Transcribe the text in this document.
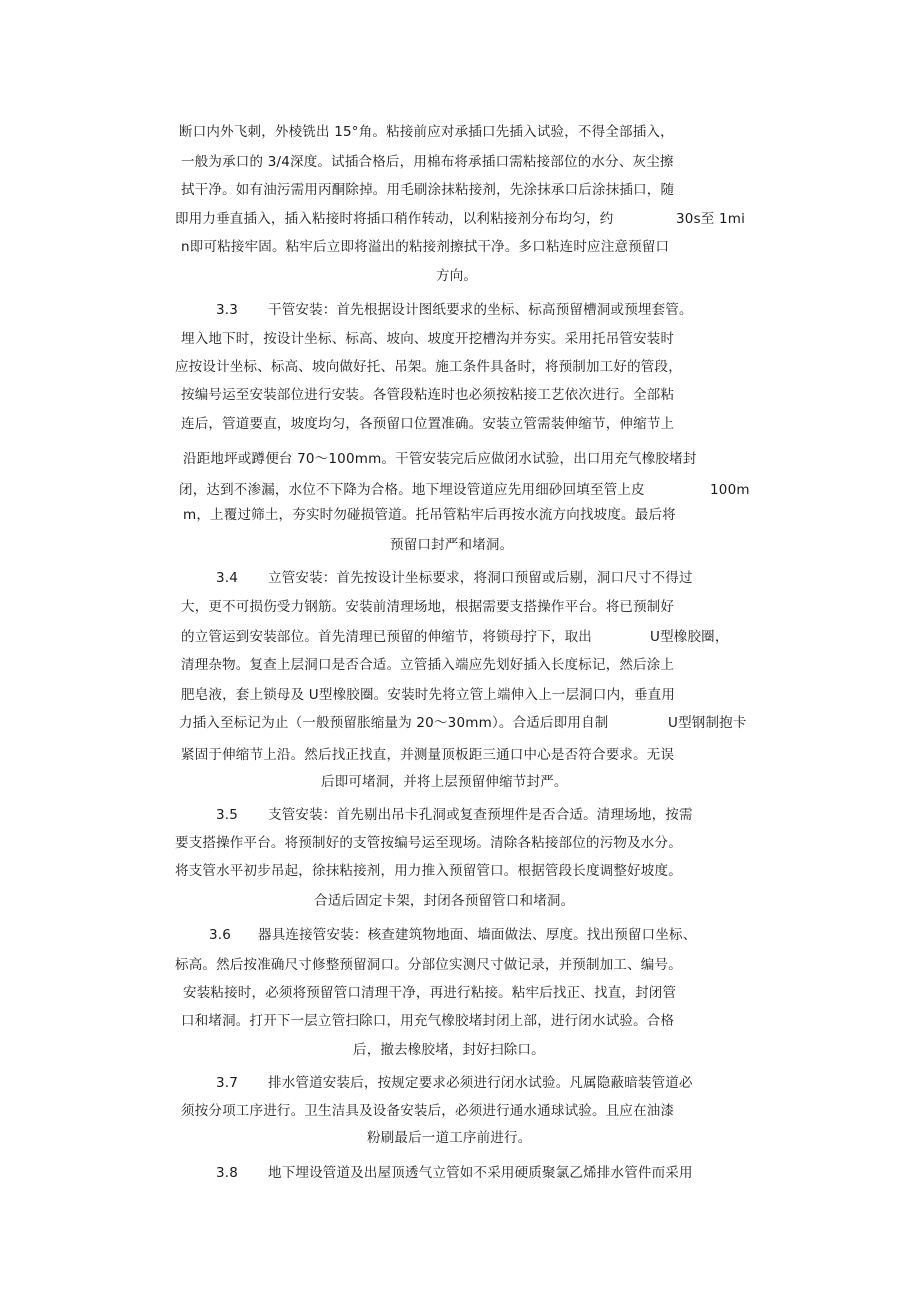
断口内外飞刺，外棱铣出 15°角。粘接前应对承插口先插入试验，不得全部插入，
一般为承口的 3/4深度。试插合格后，用棉布将承插口需粘接部位的水分、灰尘擦
拭干净。如有油污需用丙酮除掉。用毛刷涂抹粘接剂，先涂抹承口后涂抹插口，随
即用力垂直插入，插入粘接时将插口稍作转动，以利粘接剂分布均匀，约	30s至 1mi
n即可粘接牢固。粘牢后立即将溢出的粘接剂擦拭干净。多口粘连时应注意预留口
方向。
3.3 干管安装：首先根据设计图纸要求的坐标、标高预留槽洞或预埋套管。
埋入地下时，按设计坐标、标高、坡向、坡度开挖槽沟并夯实。采用托吊管安装时
应按设计坐标、标高、坡向做好托、吊架。施工条件具备时，将预制加工好的管段，
按编号运至安装部位进行安装。各管段粘连时也必须按粘接工艺依次进行。全部粘
连后，管道要直，坡度均匀，各预留口位置准确。安装立管需装伸缩节，伸缩节上
沿距地坪或蹲便台 70～100mm。干管安装完后应做闭水试验，出口用充气橡胶堵封
闭，达到不渗漏，水位不下降为合格。地下埋设管道应先用细砂回填至管上皮	100m
m，上覆过筛土，夯实时勿碰损管道。托吊管粘牢后再按水流方向找坡度。最后将
预留口封严和堵洞。
3.4 立管安装：首先按设计坐标要求，将洞口预留或后剔，洞口尺寸不得过
大，更不可损伤受力钢筋。安装前清理场地，根据需要支搭操作平台。将已预制好
的立管运到安装部位。首先清理已预留的伸缩节，将锁母拧下，取出	U型橡胶圈，
清理杂物。复查上层洞口是否合适。立管插入端应先划好插入长度标记，然后涂上
肥皂液，套上锁母及 U型橡胶圈。安装时先将立管上端伸入上一层洞口内，垂直用
力插入至标记为止（一般预留胀缩量为 20～30mm）。合适后即用自制	U型钢制抱卡
紧固于伸缩节上沿。然后找正找直，并测量顶板距三通口中心是否符合要求。无误
后即可堵洞，并将上层预留伸缩节封严。
3.5 支管安装：首先剔出吊卡孔洞或复查预埋件是否合适。清理场地，按需
要支搭操作平台。将预制好的支管按编号运至现场。清除各粘接部位的污物及水分。
将支管水平初步吊起，徐抹粘接剂，用力推入预留管口。根据管段长度调整好坡度。
合适后固定卡架，封闭各预留管口和堵洞。
3.6 器具连接管安装：核查建筑物地面、墙面做法、厚度。找出预留口坐标、
标高。然后按准确尺寸修整预留洞口。分部位实测尺寸做记录，并预制加工、编号。
安装粘接时，必须将预留管口清理干净，再进行粘接。粘牢后找正、找直，封闭管
口和堵洞。打开下一层立管扫除口，用充气橡胶堵封闭上部，进行闭水试验。合格
后，撤去橡胶堵，封好扫除口。
3.7 排水管道安装后，按规定要求必须进行闭水试验。凡属隐蔽暗装管道必
须按分项工序进行。卫生洁具及设备安装后，必须进行通水通球试验。且应在油漆
粉刷最后一道工序前进行。
3.8 地下埋设管道及出屋顶透气立管如不采用硬质聚氯乙烯排水管件而采用
